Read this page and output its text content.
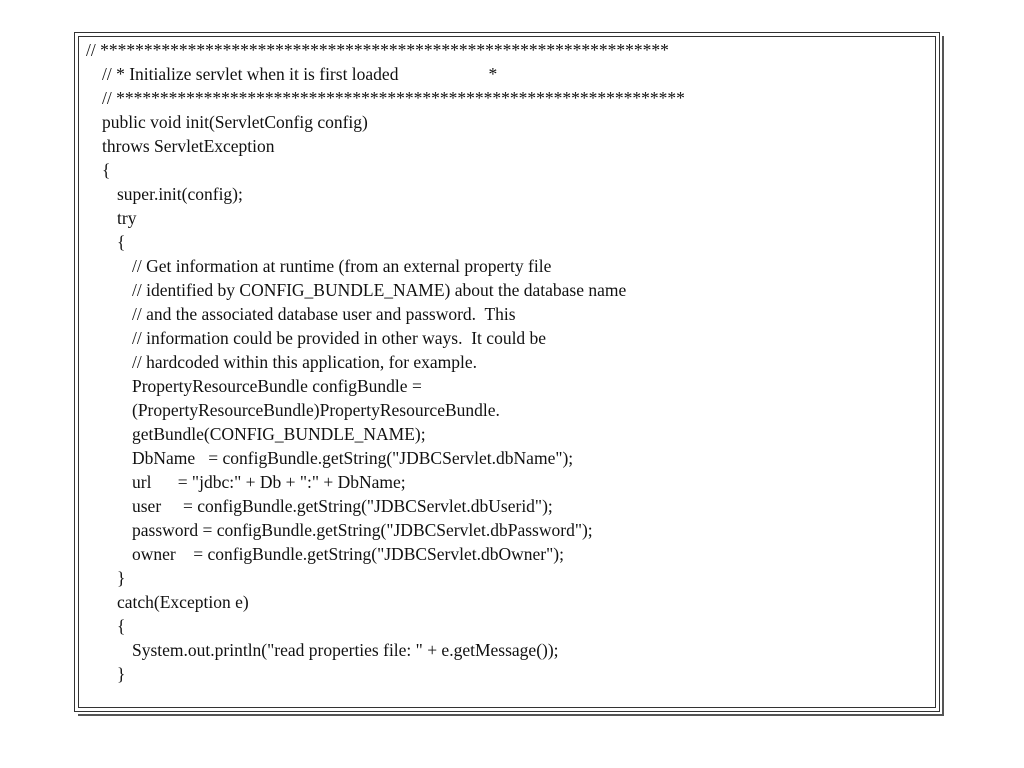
// *****************************************************************
// * Initialize servlet when it is first loaded	*
// *****************************************************************
public void init(ServletConfig config)
throws ServletException
{
super.init(config);
try
{
// Get information at runtime (from an external property file
// identified by CONFIG_BUNDLE_NAME) about the database name
// and the associated database user and password.  This
// information could be provided in other ways.  It could be
// hardcoded within this application, for example.
PropertyResourceBundle configBundle =
(PropertyResourceBundle)PropertyResourceBundle.
getBundle(CONFIG_BUNDLE_NAME);
DbName   = configBundle.getString("JDBCServlet.dbName");
url      = "jdbc:" + Db + ":" + DbName;
user     = configBundle.getString("JDBCServlet.dbUserid");
password = configBundle.getString("JDBCServlet.dbPassword");
owner    = configBundle.getString("JDBCServlet.dbOwner");
}
catch(Exception e)
{
System.out.println("read properties file: " + e.getMessage());
}
